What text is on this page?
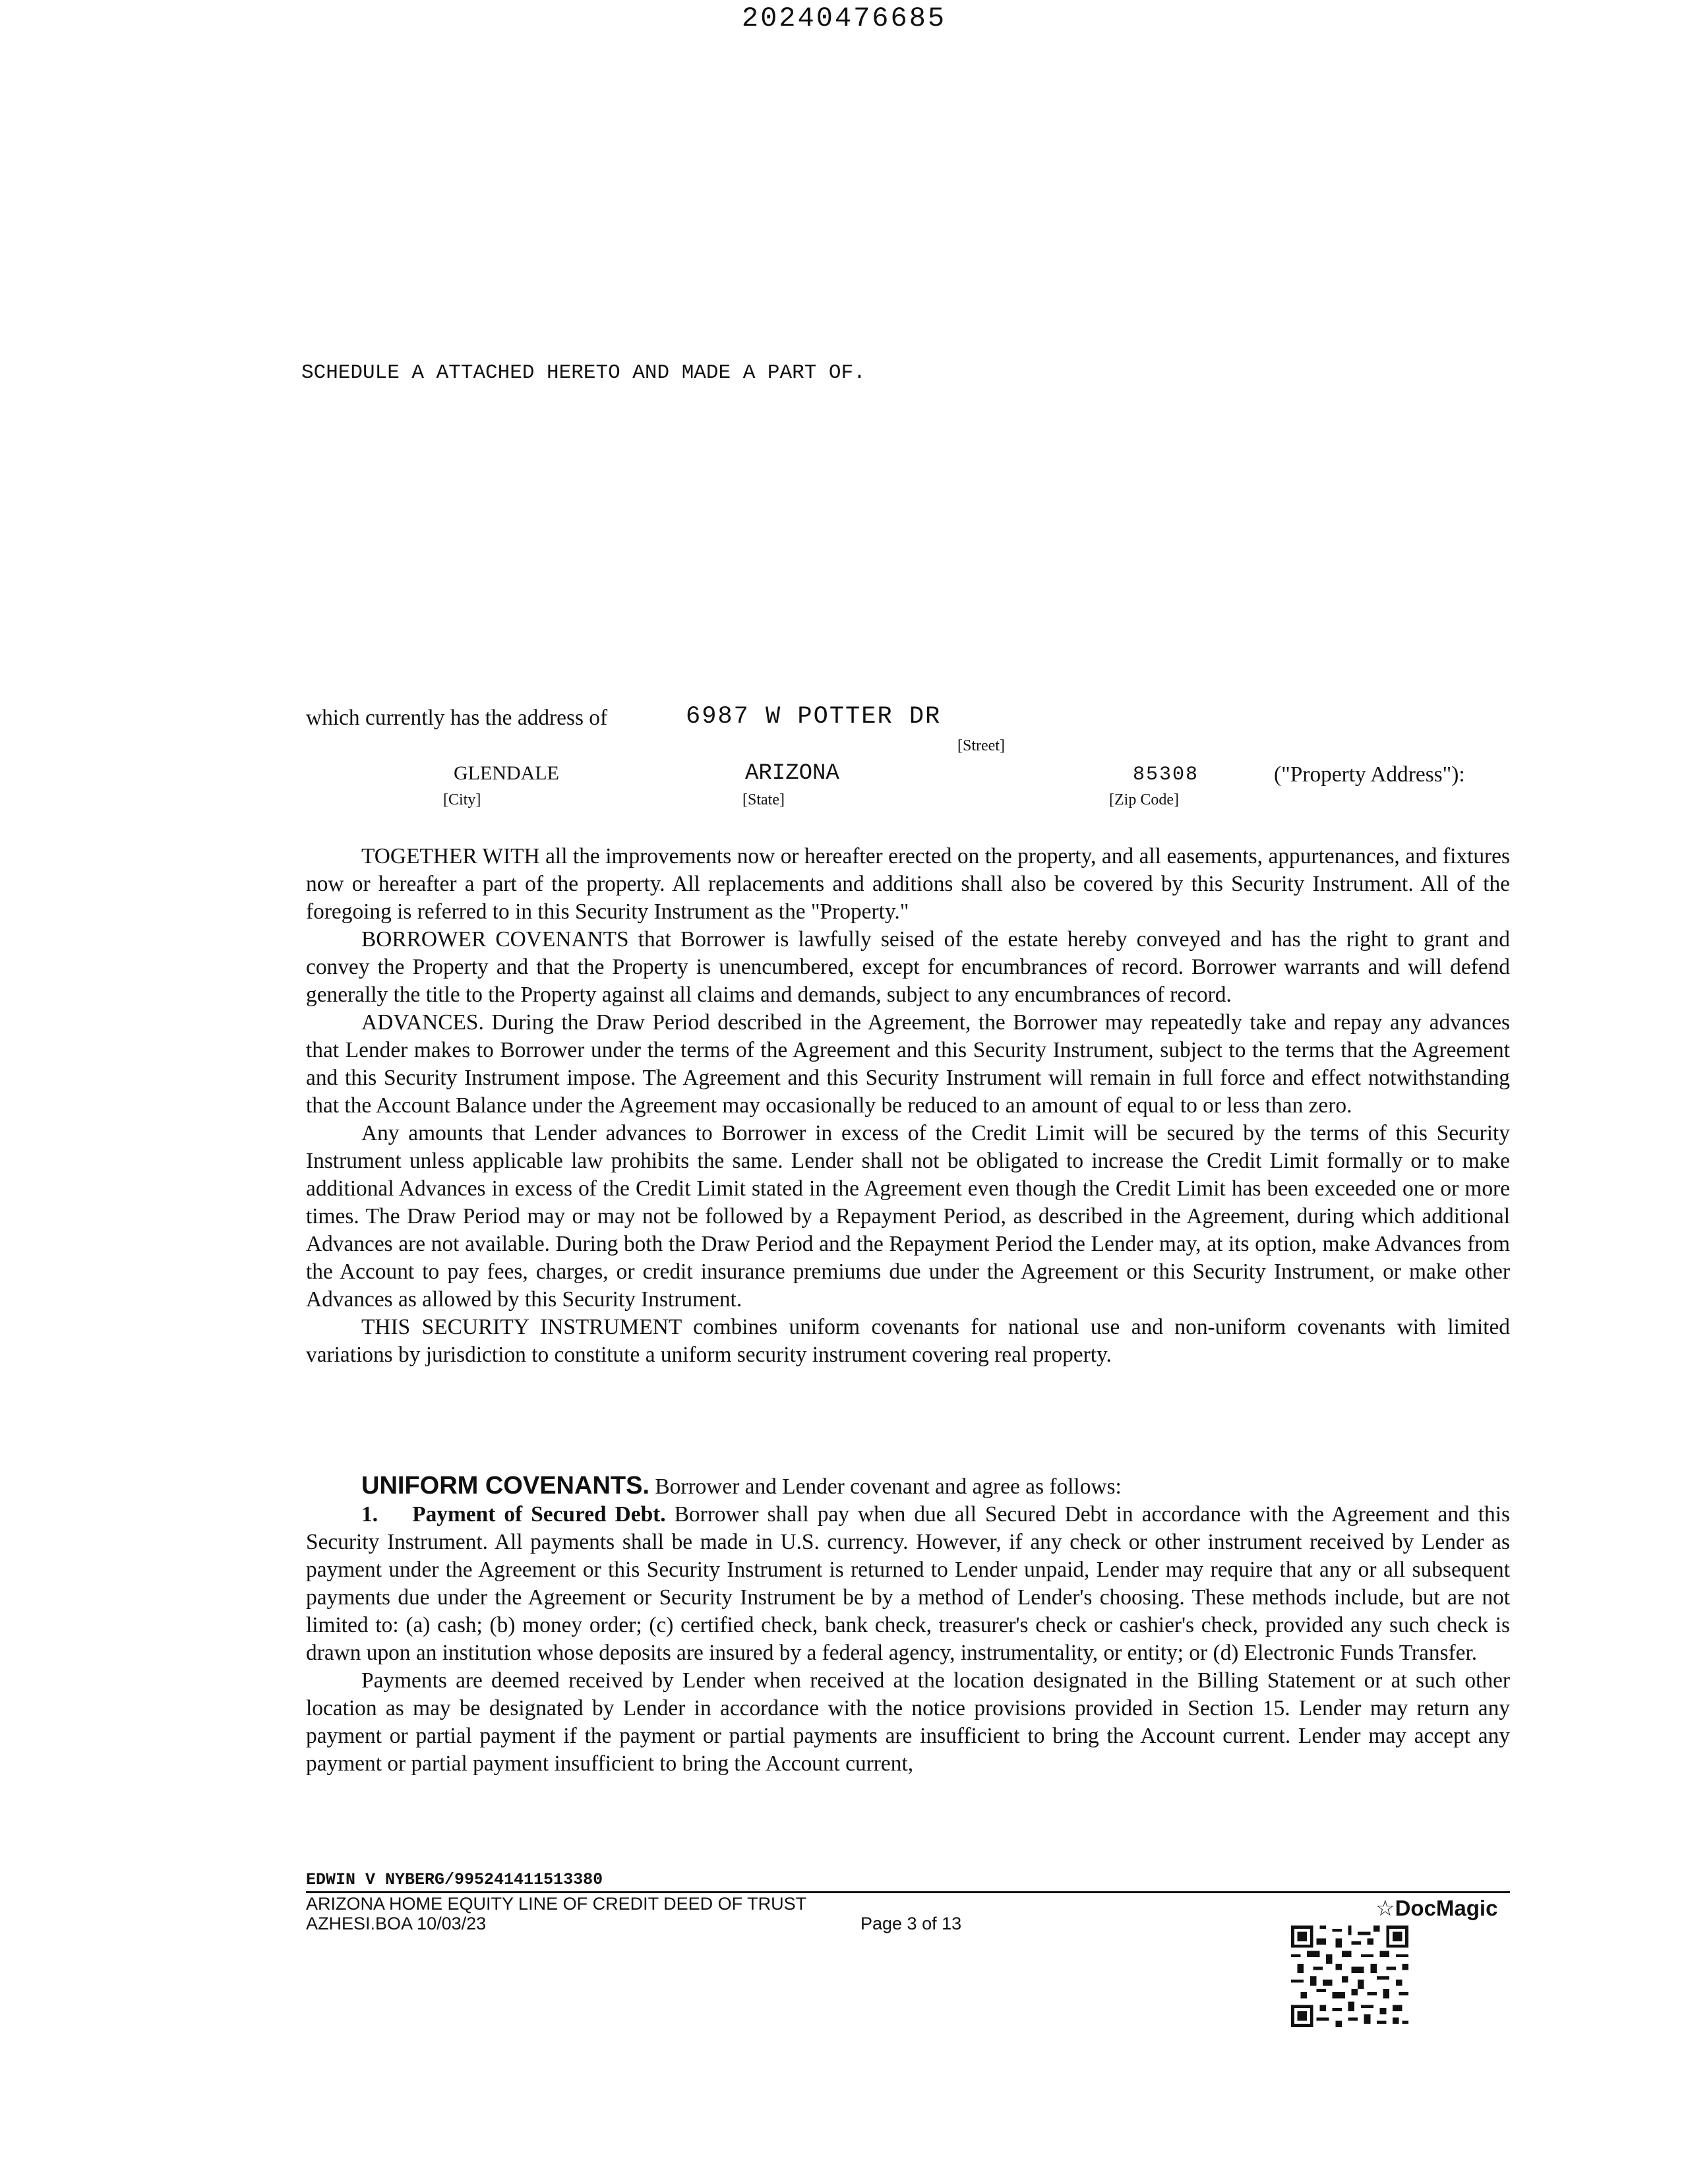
20240476685
SCHEDULE A ATTACHED HERETO AND MADE A PART OF.
which currently has the address of	6987 W POTTER DR
[Street]
GLENDALE
[City]
ARIZONA
[State]
85308
[Zip Code]
("Property Address"):

TOGETHER WITH all the improvements now or hereafter erected on the property, and all easements, appurtenances, and fixtures now or hereafter a part of the property. All replacements and additions shall also be covered by this Security Instrument. All of the foregoing is referred to in this Security Instrument as the "Property."

BORROWER COVENANTS that Borrower is lawfully seised of the estate hereby conveyed and has the right to grant and convey the Property and that the Property is unencumbered, except for encumbrances of record. Borrower warrants and will defend generally the title to the Property against all claims and demands, subject to any encumbrances of record.

ADVANCES. During the Draw Period described in the Agreement, the Borrower may repeatedly take and repay any advances that Lender makes to Borrower under the terms of the Agreement and this Security Instrument, subject to the terms that the Agreement and this Security Instrument impose. The Agreement and this Security Instrument will remain in full force and effect notwithstanding that the Account Balance under the Agreement may occasionally be reduced to an amount of equal to or less than zero.

Any amounts that Lender advances to Borrower in excess of the Credit Limit will be secured by the terms of this Security Instrument unless applicable law prohibits the same. Lender shall not be obligated to increase the Credit Limit formally or to make additional Advances in excess of the Credit Limit stated in the Agreement even though the Credit Limit has been exceeded one or more times. The Draw Period may or may not be followed by a Repayment Period, as described in the Agreement, during which additional Advances are not available. During both the Draw Period and the Repayment Period the Lender may, at its option, make Advances from the Account to pay fees, charges, or credit insurance premiums due under the Agreement or this Security Instrument, or make other Advances as allowed by this Security Instrument.

THIS SECURITY INSTRUMENT combines uniform covenants for national use and non-uniform covenants with limited variations by jurisdiction to constitute a uniform security instrument covering real property.

UNIFORM COVENANTS. Borrower and Lender covenant and agree as follows:

1. Payment of Secured Debt. Borrower shall pay when due all Secured Debt in accordance with the Agreement and this Security Instrument. All payments shall be made in U.S. currency. However, if any check or other instrument received by Lender as payment under the Agreement or this Security Instrument is returned to Lender unpaid, Lender may require that any or all subsequent payments due under the Agreement or Security Instrument be by a method of Lender's choosing. These methods include, but are not limited to: (a) cash; (b) money order; (c) certified check, bank check, treasurer's check or cashier's check, provided any such check is drawn upon an institution whose deposits are insured by a federal agency, instrumentality, or entity; or (d) Electronic Funds Transfer.

Payments are deemed received by Lender when received at the location designated in the Billing Statement or at such other location as may be designated by Lender in accordance with the notice provisions provided in Section 15. Lender may return any payment or partial payment if the payment or partial payments are insufficient to bring the Account current. Lender may accept any payment or partial payment insufficient to bring the Account current,

EDWIN V NYBERG/995241411513380
ARIZONA HOME EQUITY LINE OF CREDIT DEED OF TRUST
AZHESI.BOA 10/03/23	Page 3 of 13
☆DocMagic
